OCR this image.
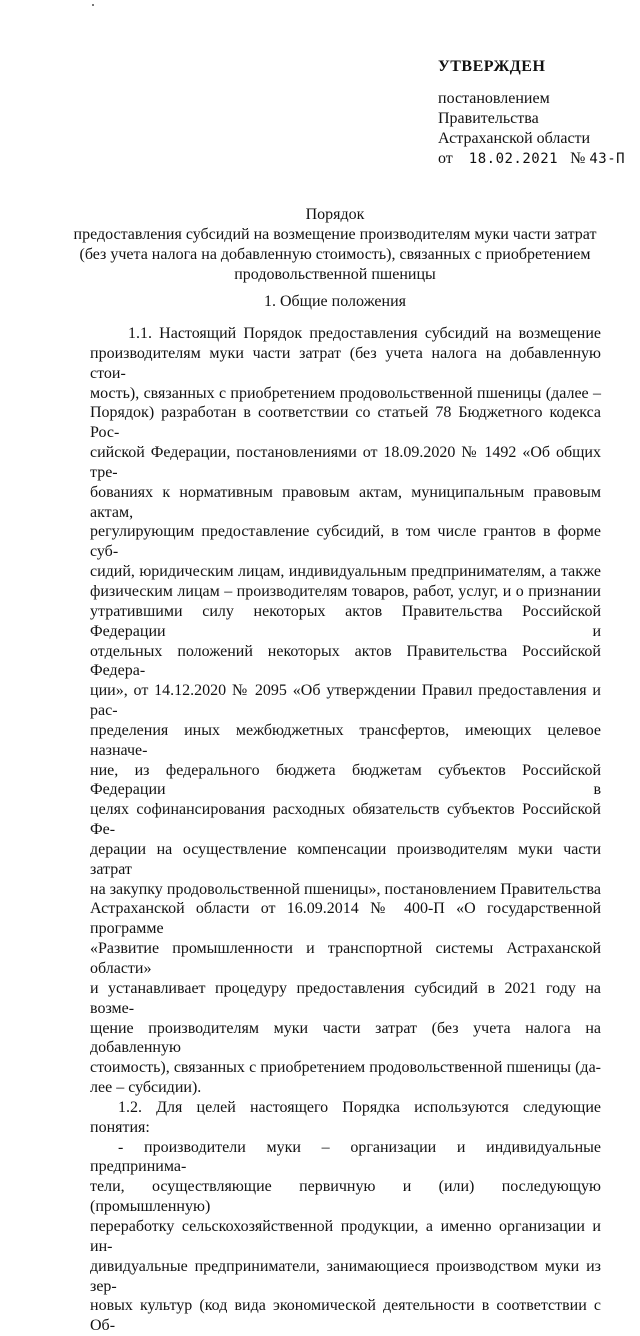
УТВЕРЖДЕН
постановлением
Правительства
Астраханской области
от 18.02.2021 № 43-П
Порядок
предоставления субсидий на возмещение производителям муки части затрат
(без учета налога на добавленную стоимость), связанных с приобретением
продовольственной пшеницы
1. Общие положения

1.1. Настоящий Порядок предоставления субсидий на возмещение

производителям муки части затрат (без учета налога на добавленную стои-

мость), связанных с приобретением продовольственной пшеницы (далее –

Порядок) разработан в соответствии со статьей 78 Бюджетного кодекса Рос-

сийской Федерации, постановлениями от 18.09.2020 № 1492 «Об общих тре-

бованиях к нормативным правовым актам, муниципальным правовым актам,

регулирующим предоставление субсидий, в том числе грантов в форме суб-

сидий, юридическим лицам, индивидуальным предпринимателям, а также

физическим лицам – производителям товаров, работ, услуг, и о признании

утратившими силу некоторых актов Правительства Российской Федерации и

отдельных положений некоторых актов Правительства Российской Федера-

ции», от 14.12.2020 № 2095 «Об утверждении Правил предоставления и рас-

пределения иных межбюджетных трансфертов, имеющих целевое назначе-

ние, из федерального бюджета бюджетам субъектов Российской Федерации в

целях софинансирования расходных обязательств субъектов Российской Фе-

дерации на осуществление компенсации производителям муки части затрат

на закупку продовольственной пшеницы», постановлением Правительства

Астраханской области от 16.09.2014 № 400-П «О государственной программе

«Развитие промышленности и транспортной системы Астраханской области»

и устанавливает процедуру предоставления субсидий в 2021 году на возме-

щение производителям муки части затрат (без учета налога на добавленную

стоимость), связанных с приобретением продовольственной пшеницы (да-

лее – субсидии).

1.2. Для целей настоящего Порядка используются следующие понятия:

- производители муки – организации и индивидуальные предпринима-

тели, осуществляющие первичную и (или) последующую (промышленную)

переработку сельскохозяйственной продукции, а именно организации и ин-

дивидуальные предприниматели, занимающиеся производством муки из зер-

новых культур (код вида экономической деятельности в соответствии с Об-
